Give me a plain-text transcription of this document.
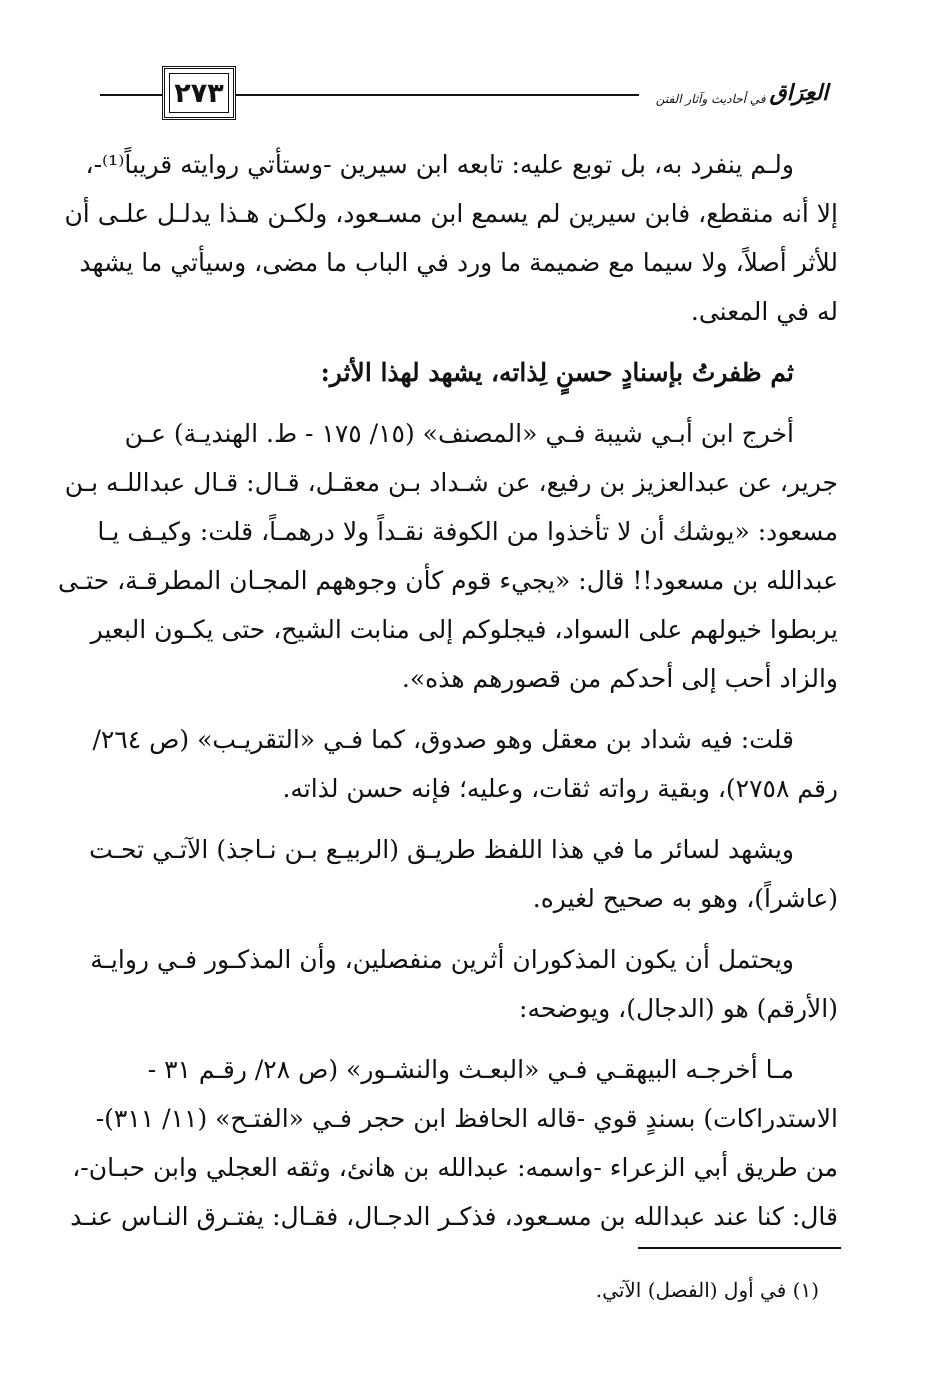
٢٧٣	العِرَاق
في أحاديث وآثار الفتن
ولـم ينفرد به، بل توبع عليه: تابعه ابن سيرين -وستأتي روايته قريباً⁽¹⁾-،
إلا أنه منقطع، فابن سيرين لم يسمع ابن مسـعود، ولكـن هـذا يدلـل علـى أن
للأثر أصلاً، ولا سيما مع ضميمة ما ورد في الباب ما مضى، وسيأتي ما يشهد
له في المعنى.
ثم ظفرتُ بإسنادٍ حسنٍ لِذاته، يشهد لهذا الأثر:
أخرج ابن أبـي شيبة فـي «المصنف» (١٥/ ١٧٥ - ط. الهنديـة) عـن
جرير، عن عبدالعزيز بن رفيع، عن شـداد بـن معقـل، قـال: قـال عبداللـه بـن
مسعود: «يوشك أن لا تأخذوا من الكوفة نقـداً ولا درهمـاً، قلت: وكيـف يـا
عبدالله بن مسعود!! قال: «يجيء قوم كأن وجوههم المجـان المطرقـة، حتـى
يربطوا خيولهم على السواد، فيجلوكم إلى منابت الشيح، حتى يكـون البعير
والزاد أحب إلى أحدكم من قصورهم هذه».
قلت: فيه شداد بن معقل وهو صدوق، كما فـي «التقريـب» (ص ٢٦٤/
رقم ٢٧٥٨)، وبقية رواته ثقات، وعليه؛ فإنه حسن لذاته.
ويشهد لسائر ما في هذا اللفظ طريـق (الربيـع بـن نـاجذ) الآتـي تحـت
(عاشراً)، وهو به صحيح لغيره.
ويحتمل أن يكون المذكوران أثرين منفصلين، وأن المذكـور فـي روايـة
(الأرقم) هو (الدجال)، ويوضحه:
مـا أخرجـه البيهقـي فـي «البعـث والنشـور» (ص ٢٨/ رقـم ٣١ -
الاستدراكات) بسندٍ قوي -قاله الحافظ ابن حجر فـي «الفتـح» (١١/ ٣١١)-
من طريق أبي الزعراء -واسمه: عبدالله بن هانئ، وثقه العجلي وابن حبـان-،
قال: كنا عند عبدالله بن مسـعود، فذكـر الدجـال، فقـال: يفتـرق النـاس عنـد
(١) في أول (الفصل) الآتي.
